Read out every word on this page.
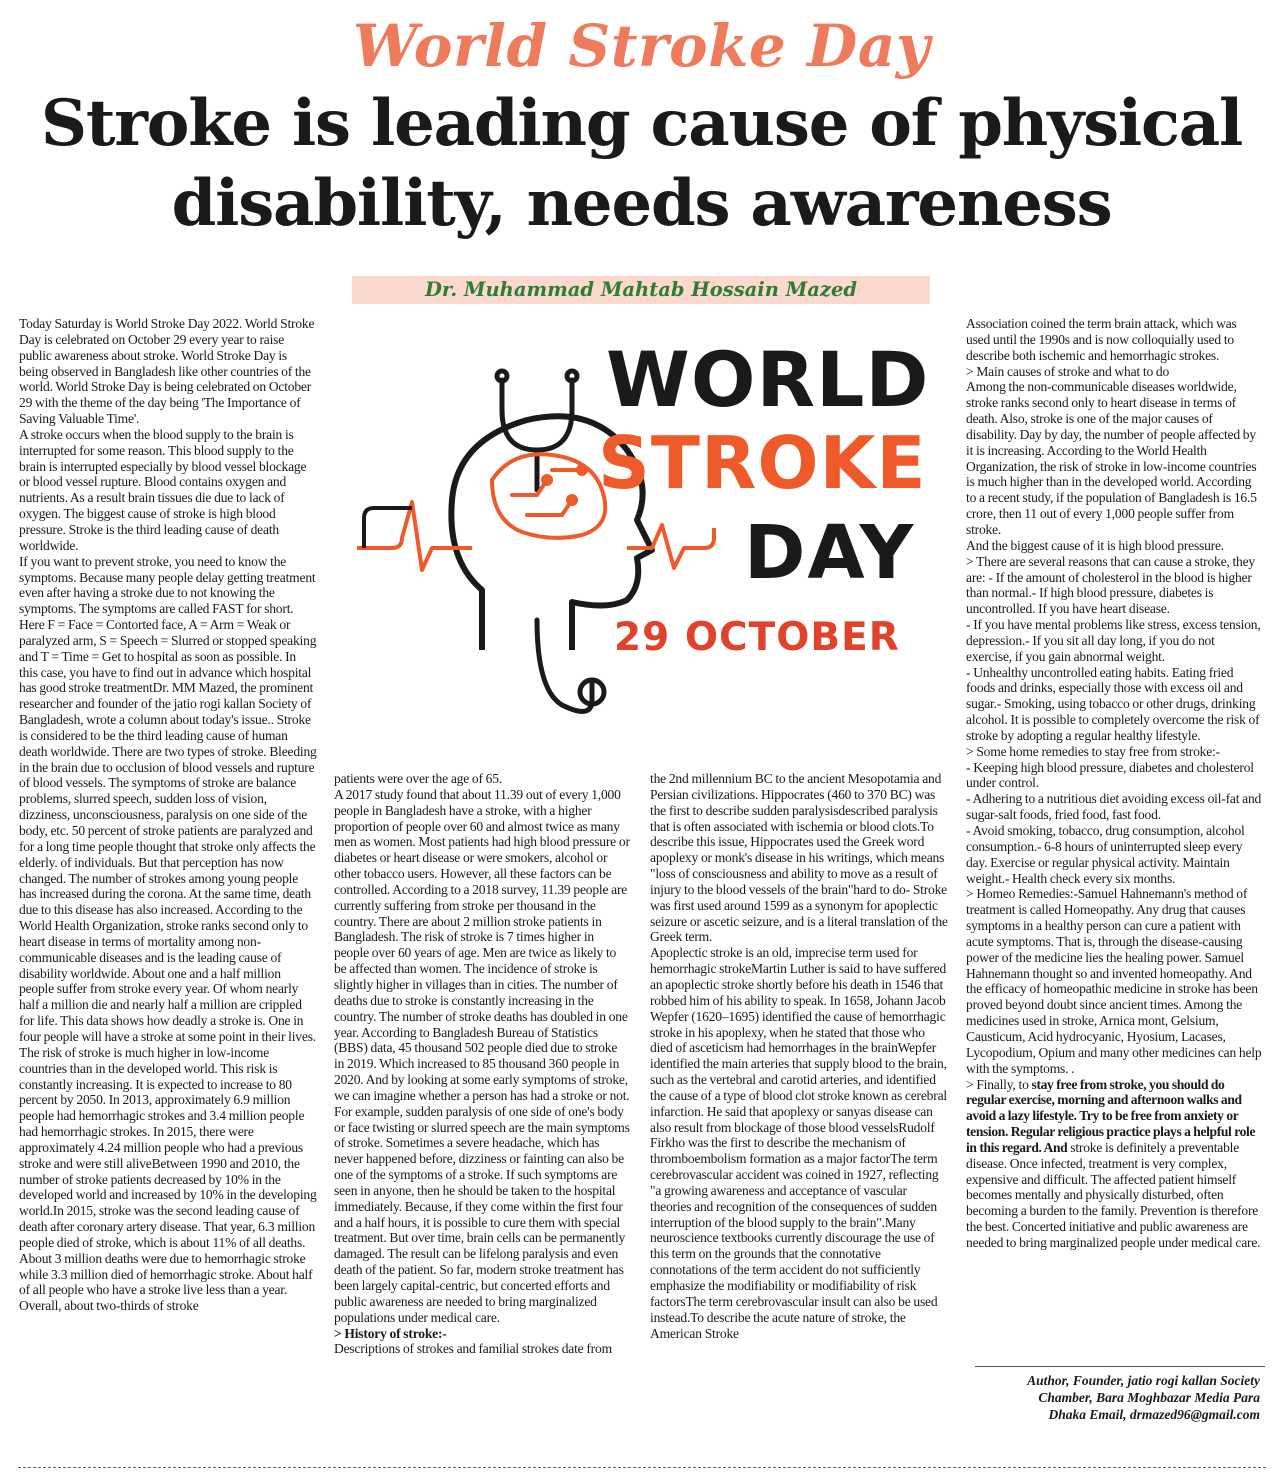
World Stroke Day
Stroke is leading cause of physical disability, needs awareness
Dr. Muhammad Mahtab Hossain Mazed
WORLD
STROKE
DAY
29 OCTOBER

Today Saturday is World Stroke Day 2022. World Stroke Day is celebrated on October 29 every year to raise public awareness about stroke. World Stroke Day is being observed in Bangladesh like other countries of the world. World Stroke Day is being celebrated on October 29 with the theme of the day being 'The Importance of Saving Valuable Time'.

A stroke occurs when the blood supply to the brain is interrupted for some reason. This blood supply to the brain is interrupted especially by blood vessel blockage or blood vessel rupture. Blood contains oxygen and nutrients. As a result brain tissues die due to lack of oxygen. The biggest cause of stroke is high blood pressure. Stroke is the third leading cause of death worldwide.

If you want to prevent stroke, you need to know the symptoms. Because many people delay getting treatment even after having a stroke due to not knowing the symptoms. The symptoms are called FAST for short. Here F = Face = Contorted face, A = Arm = Weak or paralyzed arm, S = Speech = Slurred or stopped speaking and T = Time = Get to hospital as soon as possible. In this case, you have to find out in advance which hospital has good stroke treatmentDr. MM Mazed, the prominent researcher and founder of the jatio rogi kallan Society of Bangladesh, wrote a column about today's issue.. Stroke is considered to be the third leading cause of human death worldwide. There are two types of stroke. Bleeding in the brain due to occlusion of blood vessels and rupture of blood vessels. The symptoms of stroke are balance problems, slurred speech, sudden loss of vision, dizziness, unconsciousness, paralysis on one side of the body, etc. 50 percent of stroke patients are paralyzed and for a long time people thought that stroke only affects the elderly. of individuals. But that perception has now changed. The number of strokes among young people has increased during the corona. At the same time, death due to this disease has also increased. According to the World Health Organization, stroke ranks second only to heart disease in terms of mortality among non-communicable diseases and is the leading cause of disability worldwide. About one and a half million people suffer from stroke every year. Of whom nearly half a million die and nearly half a million are crippled for life. This data shows how deadly a stroke is. One in four people will have a stroke at some point in their lives. The risk of stroke is much higher in low-income countries than in the developed world. This risk is constantly increasing. It is expected to increase to 80 percent by 2050. In 2013, approximately 6.9 million people had hemorrhagic strokes and 3.4 million people had hemorrhagic strokes. In 2015, there were approximately 4.24 million people who had a previous stroke and were still aliveBetween 1990 and 2010, the number of stroke patients decreased by 10% in the developed world and increased by 10% in the developing world.In 2015, stroke was the second leading cause of death after coronary artery disease. That year, 6.3 million people died of stroke, which is about 11% of all deaths. About 3 million deaths were due to hemorrhagic stroke while 3.3 million died of hemorrhagic stroke. About half of all people who have a stroke live less than a year. Overall, about two-thirds of stroke

patients were over the age of 65.

A 2017 study found that about 11.39 out of every 1,000 people in Bangladesh have a stroke, with a higher proportion of people over 60 and almost twice as many men as women. Most patients had high blood pressure or diabetes or heart disease or were smokers, alcohol or other tobacco users. However, all these factors can be controlled. According to a 2018 survey, 11.39 people are currently suffering from stroke per thousand in the country. There are about 2 million stroke patients in Bangladesh. The risk of stroke is 7 times higher in people over 60 years of age. Men are twice as likely to be affected than women. The incidence of stroke is slightly higher in villages than in cities. The number of deaths due to stroke is constantly increasing in the country. The number of stroke deaths has doubled in one year. According to Bangladesh Bureau of Statistics (BBS) data, 45 thousand 502 people died due to stroke in 2019. Which increased to 85 thousand 360 people in 2020. And by looking at some early symptoms of stroke, we can imagine whether a person has had a stroke or not. For example, sudden paralysis of one side of one's body or face twisting or slurred speech are the main symptoms of stroke. Sometimes a severe headache, which has never happened before, dizziness or fainting can also be one of the symptoms of a stroke. If such symptoms are seen in anyone, then he should be taken to the hospital immediately. Because, if they come within the first four and a half hours, it is possible to cure them with special treatment. But over time, brain cells can be permanently damaged. The result can be lifelong paralysis and even death of the patient. So far, modern stroke treatment has been largely capital-centric, but concerted efforts and public awareness are needed to bring marginalized populations under medical care.

> History of stroke:-

Descriptions of strokes and familial strokes date from

the 2nd millennium BC to the ancient Mesopotamia and Persian civilizations. Hippocrates (460 to 370 BC) was the first to describe sudden paralysisdescribed paralysis that is often associated with ischemia or blood clots.To describe this issue, Hippocrates used the Greek word apoplexy or monk's disease in his writings, which means "loss of consciousness and ability to move as a result of injury to the blood vessels of the brain"hard to do- Stroke was first used around 1599 as a synonym for apoplectic seizure or ascetic seizure, and is a literal translation of the Greek term.

Apoplectic stroke is an old, imprecise term used for hemorrhagic strokeMartin Luther is said to have suffered an apoplectic stroke shortly before his death in 1546 that robbed him of his ability to speak. In 1658, Johann Jacob Wepfer (1620–1695) identified the cause of hemorrhagic stroke in his apoplexy, when he stated that those who died of asceticism had hemorrhages in the brainWepfer identified the main arteries that supply blood to the brain, such as the vertebral and carotid arteries, and identified the cause of a type of blood clot stroke known as cerebral infarction. He said that apoplexy or sanyas disease can also result from blockage of those blood vesselsRudolf Firkho was the first to describe the mechanism of thromboembolism formation as a major factorThe term cerebrovascular accident was coined in 1927, reflecting "a growing awareness and acceptance of vascular theories and recognition of the consequences of sudden interruption of the blood supply to the brain".Many neuroscience textbooks currently discourage the use of this term on the grounds that the connotative connotations of the term accident do not sufficiently emphasize the modifiability or modifiability of risk factorsThe term cerebrovascular insult can also be used instead.To describe the acute nature of stroke, the American Stroke

Association coined the term brain attack, which was used until the 1990s and is now colloquially used to describe both ischemic and hemorrhagic strokes.

> Main causes of stroke and what to do

Among the non-communicable diseases worldwide, stroke ranks second only to heart disease in terms of death. Also, stroke is one of the major causes of disability. Day by day, the number of people affected by it is increasing. According to the World Health Organization, the risk of stroke in low-income countries is much higher than in the developed world. According to a recent study, if the population of Bangladesh is 16.5 crore, then 11 out of every 1,000 people suffer from stroke.

And the biggest cause of it is high blood pressure.

> There are several reasons that can cause a stroke, they are: - If the amount of cholesterol in the blood is higher than normal.- If high blood pressure, diabetes is uncontrolled. If you have heart disease.

- If you have mental problems like stress, excess tension, depression.- If you sit all day long, if you do not exercise, if you gain abnormal weight.

- Unhealthy uncontrolled eating habits. Eating fried foods and drinks, especially those with excess oil and sugar.- Smoking, using tobacco or other drugs, drinking alcohol. It is possible to completely overcome the risk of stroke by adopting a regular healthy lifestyle.

> Some home remedies to stay free from stroke:-

- Keeping high blood pressure, diabetes and cholesterol under control.

- Adhering to a nutritious diet avoiding excess oil-fat and sugar-salt foods, fried food, fast food.

- Avoid smoking, tobacco, drug consumption, alcohol consumption.- 6-8 hours of uninterrupted sleep every day. Exercise or regular physical activity. Maintain weight.- Health check every six months.

> Homeo Remedies:-Samuel Hahnemann's method of treatment is called Homeopathy. Any drug that causes symptoms in a healthy person can cure a patient with acute symptoms. That is, through the disease-causing power of the medicine lies the healing power. Samuel Hahnemann thought so and invented homeopathy. And the efficacy of homeopathic medicine in stroke has been proved beyond doubt since ancient times. Among the medicines used in stroke, Arnica mont, Gelsium, Causticum, Acid hydrocyanic, Hyosium, Lacases, Lycopodium, Opium and many other medicines can help with the symptoms. .

> Finally, to stay free from stroke, you should do regular exercise, morning and afternoon walks and avoid a lazy lifestyle. Try to be free from anxiety or tension. Regular religious practice plays a helpful role in this regard. And stroke is definitely a preventable disease. Once infected, treatment is very complex, expensive and difficult. The affected patient himself becomes mentally and physically disturbed, often becoming a burden to the family. Prevention is therefore the best. Concerted initiative and public awareness are needed to bring marginalized people under medical care.

Author, Founder, jatio rogi kallan Society
Chamber, Bara Moghbazar Media Para
Dhaka Email, drmazed96@gmail.com
